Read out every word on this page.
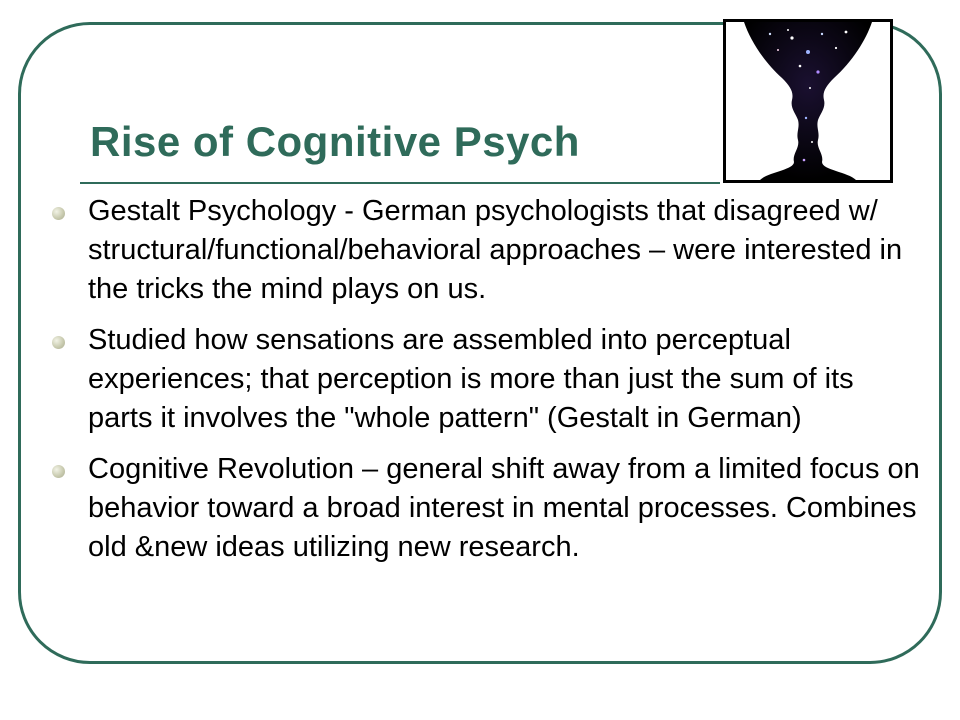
Rise of Cognitive Psych
Gestalt Psychology - German psychologists that disagreed w/ structural/functional/behavioral approaches – were interested in the tricks the mind plays on us.
Studied how sensations are assembled into perceptual experiences; that perception is more than just the sum of its parts it involves the "whole pattern" (Gestalt in German)
Cognitive Revolution – general shift away from a limited focus on behavior toward a broad interest in mental processes. Combines old &new ideas utilizing new research.
